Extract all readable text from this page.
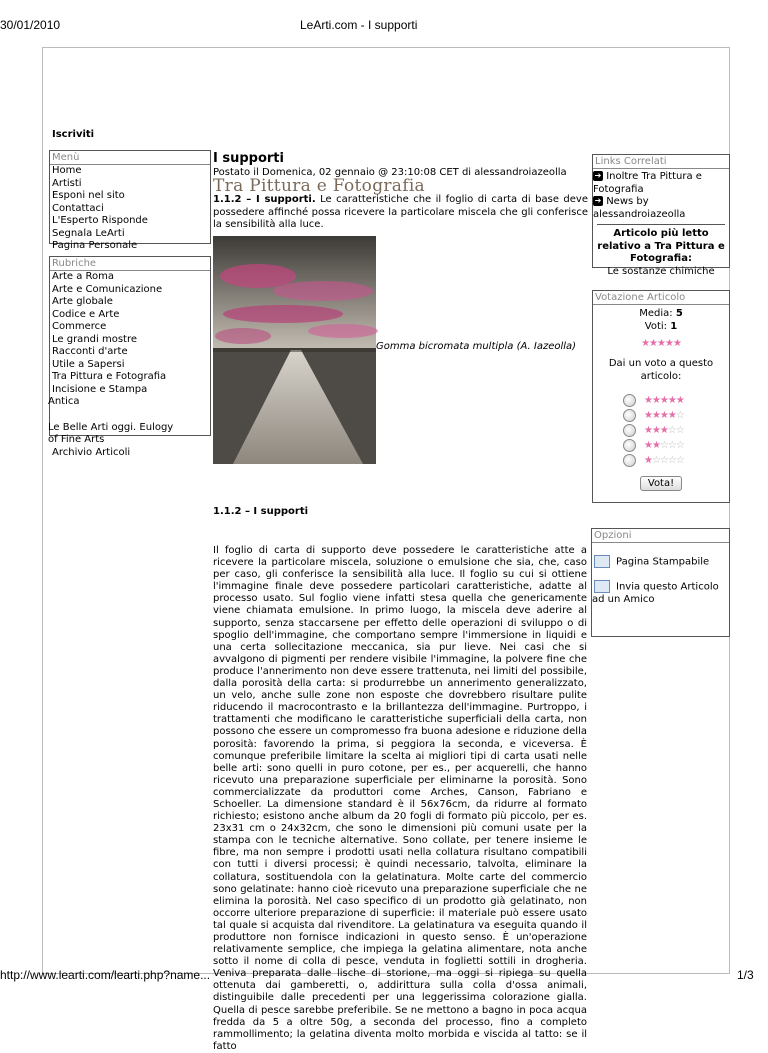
30/01/2010	LeArti.com - I supporti
Iscriviti
Menù
Home
Artisti
Esponi nel sito
Contattaci
L'Esperto Risponde
Segnala LeArti
Pagina Personale
Rubriche
Arte a Roma
Arte e Comunicazione
Arte globale
Codice e Arte
Commerce
Le grandi mostre
Racconti d'arte
Utile a Sapersi
Tra Pittura e Fotografia
Incisione e Stampa
Antica
Le Belle Arti oggi. Eulogy
of Fine Arts
Archivio Articoli
I supporti
Postato il Domenica, 02 gennaio @ 23:10:08 CET di alessandroiazeolla
Tra Pittura e Fotografia
1.1.2 – I supporti. Le caratteristiche che il foglio di carta di base deve possedere affinché possa ricevere la particolare miscela che gli conferisce la sensibilità alla luce.
Gomma bicromata multipla (A. Iazeolla)
Links Correlati
➔ Inoltre Tra Pittura e Fotografia
➔ News by alessandroiazeolla
Articolo più letto relativo a Tra Pittura e Fotografia:
Le sostanze chimiche
Votazione Articolo
Media: 5
Voti: 1
★★★★★
Dai un voto a questo articolo:
★★★★★
★★★★☆
★★★☆☆
★★☆☆☆
★☆☆☆☆
Vota!
1.1.2 – I supporti
Il foglio di carta di supporto deve possedere le caratteristiche atte a ricevere la particolare miscela, soluzione o emulsione che sia, che, caso per caso, gli conferisce la sensibilità alla luce. Il foglio su cui si ottiene l'immagine finale deve possedere particolari caratteristiche, adatte al processo usato. Sul foglio viene infatti stesa quella che genericamente viene chiamata emulsione. In primo luogo, la miscela deve aderire al supporto, senza staccarsene per effetto delle operazioni di sviluppo o di spoglio dell'immagine, che comportano sempre l'immersione in liquidi e una certa sollecitazione meccanica, sia pur lieve. Nei casi che si avvalgono di pigmenti per rendere visibile l'immagine, la polvere fine che produce l'annerimento non deve essere trattenuta, nei limiti del possibile, dalla porosità della carta: si produrrebbe un annerimento generalizzato, un velo, anche sulle zone non esposte che dovrebbero risultare pulite riducendo il macrocontrasto e la brillantezza dell'immagine. Purtroppo, i trattamenti che modificano le caratteristiche superficiali della carta, non possono che essere un compromesso fra buona adesione e riduzione della porosità: favorendo la prima, si peggiora la seconda, e viceversa. È comunque preferibile limitare la scelta ai migliori tipi di carta usati nelle belle arti: sono quelli in puro cotone, per es., per acquerelli, che hanno ricevuto una preparazione superficiale per eliminarne la porosità. Sono commercializzate da produttori come Arches, Canson, Fabriano e Schoeller. La dimensione standard è il 56x76cm, da ridurre al formato richiesto; esistono anche album da 20 fogli di formato più piccolo, per es. 23x31 cm o 24x32cm, che sono le dimensioni più comuni usate per la stampa con le tecniche alternative. Sono collate, per tenere insieme le fibre, ma non sempre i prodotti usati nella collatura risultano compatibili con tutti i diversi processi; è quindi necessario, talvolta, eliminare la collatura, sostituendola con la gelatinatura. Molte carte del commercio sono gelatinate: hanno cioè ricevuto una preparazione superficiale che ne elimina la porosità. Nel caso specifico di un prodotto già gelatinato, non occorre ulteriore preparazione di superficie: il materiale può essere usato tal quale si acquista dal rivenditore. La gelatinatura va eseguita quando il produttore non fornisce indicazioni in questo senso. È un'operazione relativamente semplice, che impiega la gelatina alimentare, nota anche sotto il nome di colla di pesce, venduta in foglietti sottili in drogheria. Veniva preparata dalle lische di storione, ma oggi si ripiega su quella ottenuta dai gamberetti, o, addirittura sulla colla d'ossa animali, distinguibile dalle precedenti per una leggerissima colorazione gialla. Quella di pesce sarebbe preferibile. Se ne mettono a bagno in poca acqua fredda da 5 a oltre 50g, a seconda del processo, fino a completo rammollimento; la gelatina diventa molto morbida e viscida al tatto: se il fatto
Opzioni
Pagina Stampabile
Invia questo Articolo ad un Amico
http://www.learti.com/learti.php?name...	1/3
